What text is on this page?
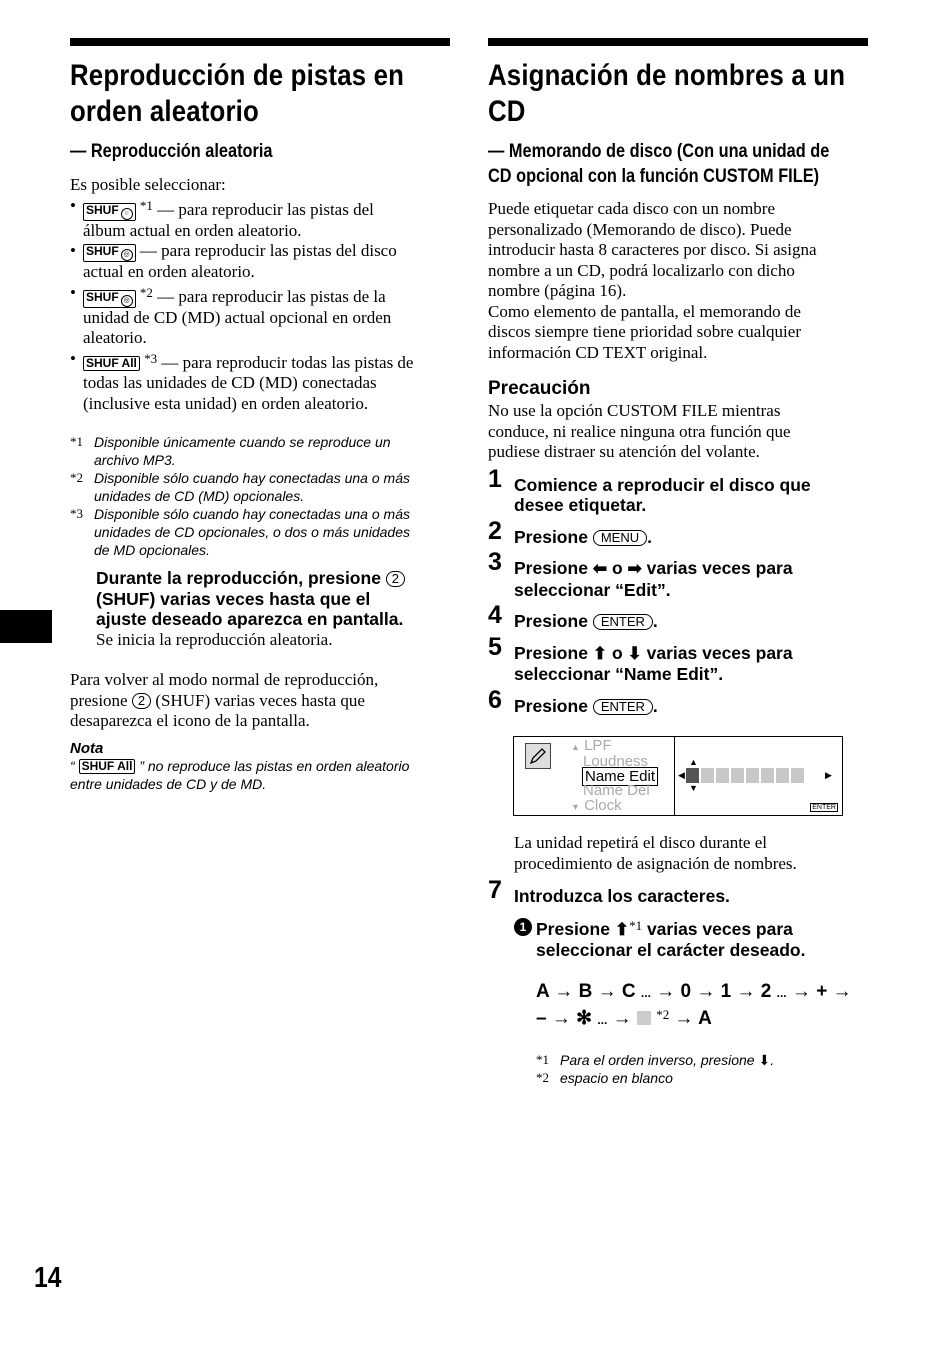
Reproducción de pistas en
orden aleatorio
— Reproducción aleatoria

Es posible seleccionar:

• SHUF ○ $^{*1}$ — para reproducir las pistas del
álbum actual en orden aleatorio.
• SHUF ◎ — para reproducir las pistas del disco
actual en orden aleatorio.
• SHUF ◎ $^{*2}$ — para reproducir las pistas de la
unidad de CD (MD) actual opcional en orden
aleatorio.
• SHUF All $^{*3}$ — para reproducir todas las pistas de
todas las unidades de CD (MD) conectadas
(inclusive esta unidad) en orden aleatorio.
*1 Disponible únicamente cuando se reproduce un
archivo MP3.
*2 Disponible sólo cuando hay conectadas una o más
unidades de CD (MD) opcionales.
*3 Disponible sólo cuando hay conectadas una o más
unidades de CD opcionales, o dos o más unidades
de MD opcionales.
Durante la reproducción, presione 2
(SHUF) varias veces hasta que el
ajuste deseado aparezca en pantalla.

Se inicia la reproducción aleatoria.

Para volver al modo normal de reproducción,
presione 2 (SHUF) varias veces hasta que
desaparezca el icono de la pantalla.

Nota
“ SHUF All ” no reproduce las pistas en orden aleatorio
entre unidades de CD y de MD.
Asignación de nombres a un
CD
— Memorando de disco (Con una unidad de
CD opcional con la función CUSTOM FILE)

Puede etiquetar cada disco con un nombre
personalizado (Memorando de disco). Puede
introducir hasta 8 caracteres por disco. Si asigna
nombre a un CD, podrá localizarlo con dicho
nombre (página 16).
Como elemento de pantalla, el memorando de
discos siempre tiene prioridad sobre cualquier
información CD TEXT original.

Precaución

No use la opción CUSTOM FILE mientras
conduce, ni realice ninguna otra función que
pudiese distraer su atención del volante.

1 Comience a reproducir el disco que
desee etiquetar.
2 Presione MENU .
3 Presione ⬅ o ➡ varias veces para
seleccionar “Edit”.
4 Presione ENTER .
5 Presione ⬆ o ⬇ varias veces para
seleccionar “Name Edit”.
6 Presione ENTER .
▲ LPF
Loudness
Name Edit
Name Del
▼ Clock
▲
▼
◀	▶
ENTER

La unidad repetirá el disco durante el
procedimiento de asignación de nombres.

7 Introduzca los caracteres.
1 Presione ⬆$^{*1}$ varias veces para
seleccionar el carácter deseado.
A → B → C ... → 0 → 1 → 2 ... → + →
– → ✻ ... →  $^{*2}$ → A
*1 Para el orden inverso, presione ⬇.
*2 espacio en blanco
14
